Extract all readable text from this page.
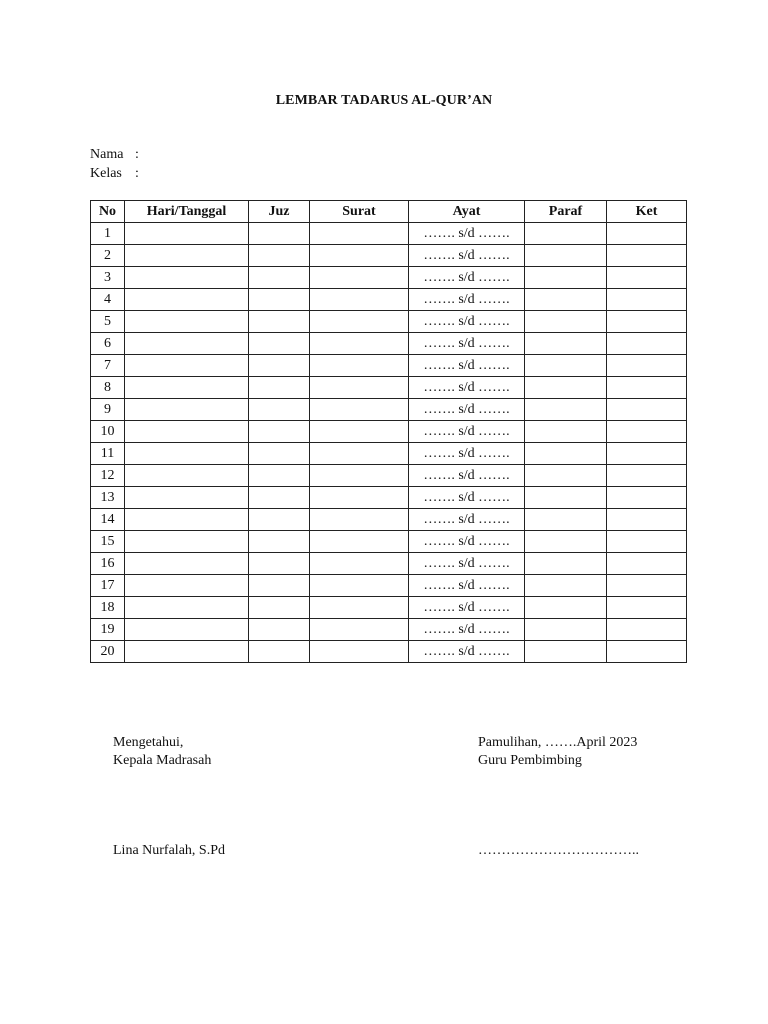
LEMBAR TADARUS AL-QUR’AN
Nama :
Kelas :
No	Hari/Tanggal	Juz	Surat	Ayat	Paraf	Ket
1				……. s/d …….		
2				……. s/d …….		
3				……. s/d …….		
4				……. s/d …….		
5				……. s/d …….		
6				……. s/d …….		
7				……. s/d …….		
8				……. s/d …….		
9				……. s/d …….		
10				……. s/d …….		
11				……. s/d …….		
12				……. s/d …….		
13				……. s/d …….		
14				……. s/d …….		
15				……. s/d …….		
16				……. s/d …….		
17				……. s/d …….		
18				……. s/d …….		
19				……. s/d …….		
20				……. s/d …….		
Mengetahui,
Kepala Madrasah
Pamulihan, …….April 2023
Guru Pembimbing
Lina Nurfalah, S.Pd	……………………………..
